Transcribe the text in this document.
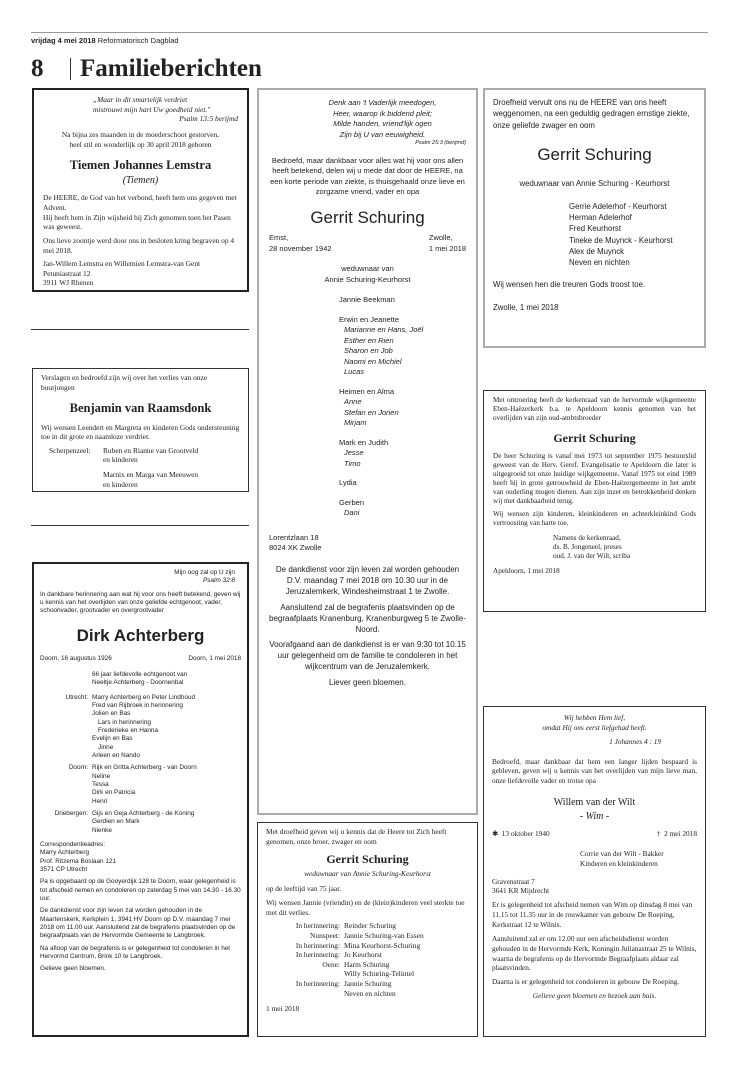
vrijdag 4 mei 2018 Reformatorisch Dagblad
8 Familieberichten
„Maar in dit smartelijk verdriet
mistrouwt mijn hart Uw goedheid niet."
Psalm 13:5 berijmd
Na bijna zes maanden in de moederschoot gestorven,
heel stil en wonderlijk op 30 april 2018 geboren
Tiemen Johannes Lemstra
(Tiemen)
De HEERE, de God van het verbond, heeft hem ons gegeven met Advent.
Hij heeft hem in Zijn wijsheid bij Zich genomen toen het Pasen was geweest.
Ons lieve zoontje werd door ons in besloten kring begraven op 4 mei 2018.
Jan-Willem Lemstra en Willemien Lemstra-van Gent
Petuniastraat 12
3911 WJ Rhenen
Verslagen en bedroefd zijn wij over het verlies van onze buurjongen
Benjamin van Raamsdonk
Wij wensen Leendert en Margreta en kinderen Gods ondersteuning toe in dit grote en naamloze verdriet.
Scherpenzeel:	Ruben en Rianne van Grootveld
en kinderen
Marnix en Marga van Meeuwen
en kinderen
Mijn oog zal op U zijn
Psalm 32:8
In dankbare herinnering aan wat hij voor ons heeft betekend, geven wij u kennis van het overlijden van onze geliefde echtgenoot, vader, schoonvader, grootvader en overgrootvader
Dirk Achterberg
Doorn, 16 augustus 1926	Doorn, 1 mei 2018
66 jaar liefdevolle echtgenoot van
Neeltje Achterberg - Doornenbal
Utrecht: Marry Achterberg en Peter Lindhoud
Fred van Rijbroek in herinnering
Jolien en Bas
Lars in herinnering
Frederieke en Hanna
Evelijn en Bas
Jinne
Arleen en Nando
Doorn: Rijk en Gritta Achterberg - van Doorn
Neline
Tessa
Dirk en Patricia
Henri
Driebergen: Gijs en Geja Achterberg - de Koning
Gerdien en Mark
Nienke
Correspondentieadres:
Marry Achterberg
Prof. Ritzema Boslaan 121
3571 CP Utrecht
Pa is opgebaard op de Gooyerdijk 128 te Doorn, waar gelegenheid is tot afscheid nemen en condoleren op zaterdag 5 mei van 14.30 - 16.30 uur.
De dankdienst voor zijn leven zal worden gehouden in de Maartenskerk, Kerkplein 1, 3941 HV Doorn op D.V. maandag 7 mei 2018 om 11.00 uur. Aansluitend zal de begrafenis plaatsvinden op de begraafplaats van de Hervormde Gemeente te Langbroek.
Na afloop van de begrafenis is er gelegenheid tot condoleren in het Hervormd Centrum, Brink 10 te Langbroek.
Gelieve geen bloemen.
Denk aan 't Vaderlijk meedogen,
Heer, waarop ik biddend pleit;
Milde handen, vriend'lijk ogen
Zijn bij U van eeuwigheid.
Psalm 25:3 (berijmd)
Bedroefd, maar dankbaar voor alles wat hij voor ons allen heeft betekend, delen wij u mede dat door de HEERE, na een korte periode van ziekte, is thuisgehaald onze lieve en zorgzame vriend, vader en opa
Gerrit Schuring
Emst,
28 november 1942
Zwolle,
1 mei 2018
weduwnaar van
Annie Schuring-Keurhorst
Jannie Beekman
Erwin en Jeanette
Marianne en Hans, Joël
Esther en Rien
Sharon en Job
Naomi en Michiel
Lucas
Heimen en Alma
Anne
Stefan en Jorien
Mirjam
Mark en Judith
Jesse
Timo
Lydia
Gerben
Dani
Lorentzlaan 18
8024 XK Zwolle
De dankdienst voor zijn leven zal worden gehouden D.V. maandag 7 mei 2018 om 10.30 uur in de Jeruzalemkerk, Windesheimstraat 1 te Zwolle.
Aansluitend zal de begrafenis plaatsvinden op de begraafplaats Kranenburg, Kranenburgweg 5 te Zwolle-Noord.
Voorafgaand aan de dankdienst is er van 9:30 tot 10.15 uur gelegenheid om de familie te condoleren in het wijkcentrum van de Jeruzalemkerk.
Liever geen bloemen.
Met droefheid geven wij u kennis dat de Heere tot Zich heeft genomen, onze broer, zwager en oom
Gerrit Schuring
weduwnaar van Annie Schuring-Keurhorst
op de leeftijd van 75 jaar.
Wij wensen Jannie (vriendin) en de (klein)kinderen veel sterkte toe met dit verlies.
In herinnering: Reinder Schuring
Nunspeet: Jannie Schuring-van Essen
In herinnering: Mina Keurhorst-Schuring
In herinnering: Jo Keurhorst
Oene: Harm Schuring
Willy Schuring-Telintel
In herinnering: Jannie Schuring
Neven en nichten
1 mei 2018
Droefheid vervult ons nu de HEERE van ons heeft weggenomen, na een geduldig gedragen ernstige ziekte, onze geliefde zwager en oom
Gerrit Schuring
weduwnaar van Annie Schuring - Keurhorst
Gerrie Adelerhof - Keurhorst
Herman Adelerhof
Fred Keurhorst
Tineke de Muynck - Keurhorst
Alex de Muynck
Neven en nichten
Wij wensen hen die treuren Gods troost toe.
Zwolle, 1 mei 2018
Met ontroering heeft de kerkenraad van de hervormde wijkgemeente Eben-Haëzerkerk b.a. te Apeldoorn kennis genomen van het overlijden van zijn oud-ambtsbroeder
Gerrit Schuring
De heer Schuring is vanaf mei 1973 tot september 1975 bestuurslid geweest van de Herv. Geref. Evangelisatie te Apeldoorn die later is uitgegroeid tot onze huidige wijkgemeente. Vanaf 1975 tot eind 1989 heeft hij in grote getrouwheid de Eben-Haëzergemeente in het ambt van ouderling mogen dienen. Aan zijn inzet en betrokkenheid denken wij met dankbaarheid terug.
Wij wensen zijn kinderen, kleinkinderen en achterkleinkind Gods vertroosting van harte toe.
Namens de kerkenraad,
ds. B. Jongeneel, preses
oud. J. van der Wilt, scriba
Apeldoorn, 1 mei 2018
Wij hebben Hem lief,
omdat Hij ons eerst liefgehad heeft.
1 Johannes 4 : 19
Bedroefd, maar dankbaar dat hem een langer lijden bespaard is gebleven, geven wij u kennis van het overlijden van mijn lieve man, onze liefdevolle vader en trotse opa
Willem van der Wilt
- Wim -
✱ 13 oktober 1940	† 2 mei 2018
Corrie van der Wilt - Bakker
Kinderen en kleinkinderen
Gravenstraat 7
3641 KR Mijdrecht
Er is gelegenheid tot afscheid nemen van Wim op dinsdag 8 mei van 11.15 tot 11.35 uur in de rouwkamer van gebouw De Roeping, Kerkstraat 12 te Wilnis.
Aansluitend zal er om 12.00 uur een afscheidsdienst worden gehouden in de Hervormde Kerk, Koningin Julianastraat 25 te Wilnis, waarna de begrafenis op de Hervormde Begraafplaats aldaar zal plaatsvinden.
Daarna is er gelegenheid tot condoleren in gebouw De Roeping.
Gelieve geen bloemen en bezoek aan huis.
